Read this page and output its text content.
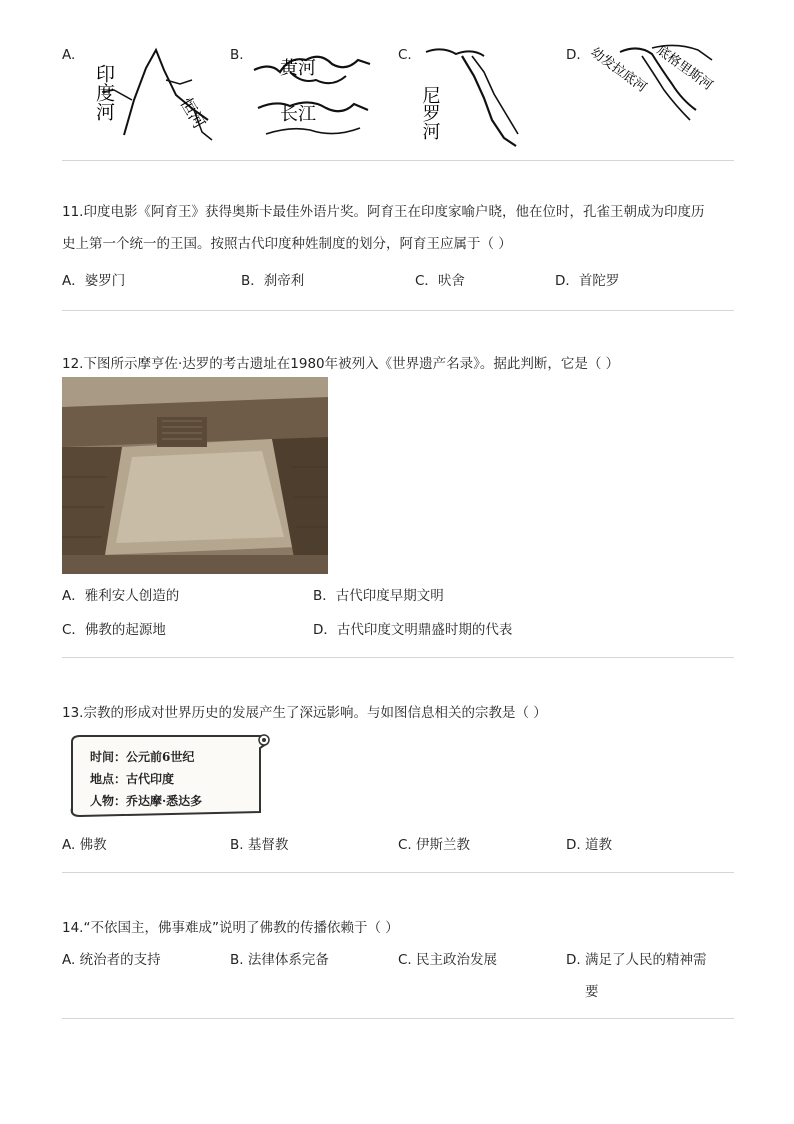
A.
印度河	恒河
B.
黄河
长江
C.
尼罗河
D. 幼发拉底河 底格里斯河
11.印度电影《阿育王》获得奥斯卡最佳外语片奖。阿育王在印度家喻户晓，他在位时，孔雀王朝成为印度历
史上第一个统一的王国。按照古代印度种姓制度的划分，阿育王应属于（ ）
A．婆罗门	B．刹帝利	C．吠舍	D．首陀罗
12.下图所示摩亨佐·达罗的考古遗址在1980年被列入《世界遗产名录》。据此判断，它是（ ）
A．雅利安人创造的	B．古代印度早期文明
C．佛教的起源地	D．古代印度文明鼎盛时期的代表
13.宗教的形成对世界历史的发展产生了深远影响。与如图信息相关的宗教是（ ）
时间：公元前6世纪
地点：古代印度
人物：乔达摩·悉达多
A. 佛教	B. 基督教	C. 伊斯兰教	D. 道教
14.“不依国主，佛事难成”说明了佛教的传播依赖于（ ）
A. 统治者的支持	B. 法律体系完备	C. 民主政治发展	D. 满足了人民的精神需
要
